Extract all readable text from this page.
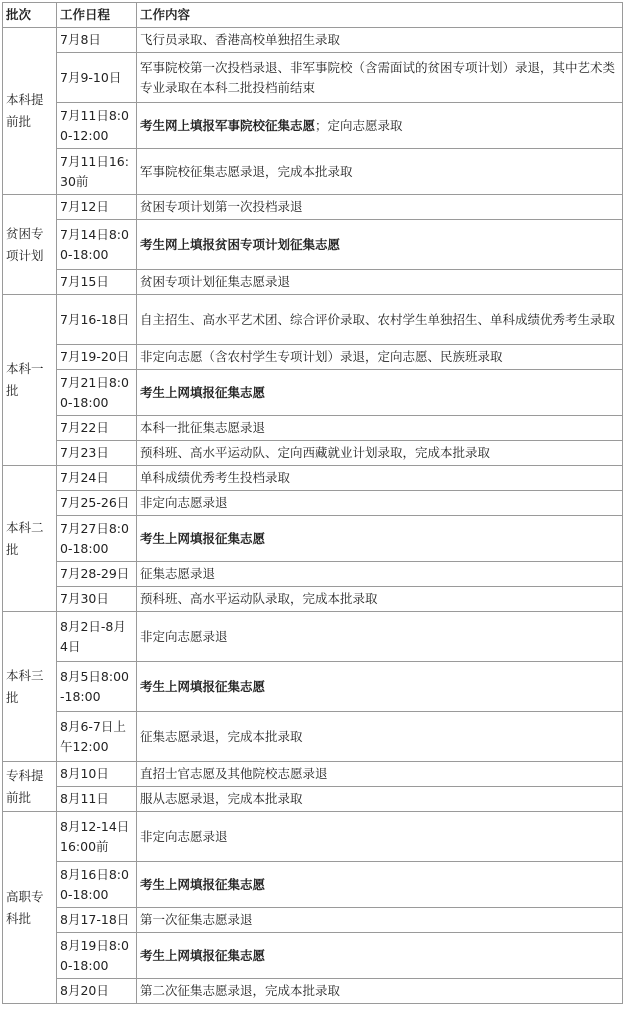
批次	工作日程	工作内容
本科提前批	7月8日	飞行员录取、香港高校单独招生录取
	7月9-10日	军事院校第一次投档录退、非军事院校（含需面试的贫困专项计划）录退，其中艺术类专业录取在本科二批投档前结束
	7月11日8:00-12:00	考生网上填报军事院校征集志愿；定向志愿录取
	7月11日16:30前	军事院校征集志愿录退，完成本批录取
贫困专项计划	7月12日	贫困专项计划第一次投档录退
	7月14日8:00-18:00	考生网上填报贫困专项计划征集志愿
	7月15日	贫困专项计划征集志愿录退
本科一批	7月16-18日	自主招生、高水平艺术团、综合评价录取、农村学生单独招生、单科成绩优秀考生录取
	7月19-20日	非定向志愿（含农村学生专项计划）录退，定向志愿、民族班录取
	7月21日8:00-18:00	考生上网填报征集志愿
	7月22日	本科一批征集志愿录退
	7月23日	预科班、高水平运动队、定向西藏就业计划录取，完成本批录取
本科二批	7月24日	单科成绩优秀考生投档录取
	7月25-26日	非定向志愿录退
	7月27日8:00-18:00	考生上网填报征集志愿
	7月28-29日	征集志愿录退
	7月30日	预科班、高水平运动队录取，完成本批录取
本科三批	8月2日-8月4日	非定向志愿录退
	8月5日8:00-18:00	考生上网填报征集志愿
	8月6-7日上午12:00	征集志愿录退，完成本批录取
专科提前批	8月10日	直招士官志愿及其他院校志愿录退
	8月11日	服从志愿录退，完成本批录取
高职专科批	8月12-14日16:00前	非定向志愿录退
	8月16日8:00-18:00	考生上网填报征集志愿
	8月17-18日	第一次征集志愿录退
	8月19日8:00-18:00	考生上网填报征集志愿
	8月20日	第二次征集志愿录退，完成本批录取
